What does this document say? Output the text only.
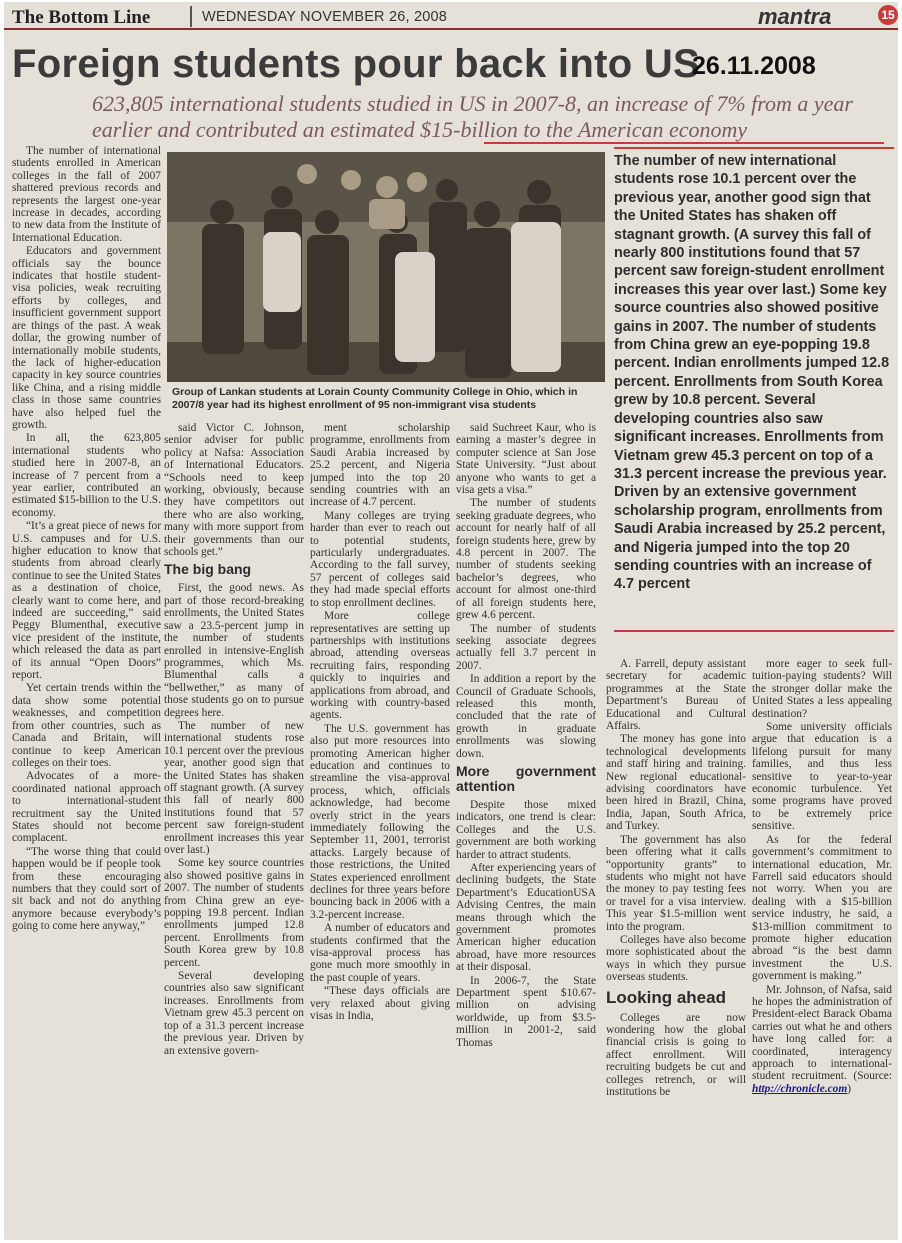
The Bottom Line	WEDNESDAY NOVEMBER 26, 2008	mantra	15
Foreign students pour back into US
26.11.2008
623,805 international students studied in US in 2007-8, an increase of 7% from a year earlier and contributed an estimated $15-billion to the American economy

The number of international students enrolled in American colleges in the fall of 2007 shattered previous records and represents the largest one-year increase in decades, according to new data from the Institute of International Education.

Educators and government officials say the bounce indicates that hostile student-visa policies, weak recruiting efforts by colleges, and insufficient government support are things of the past. A weak dollar, the growing number of internationally mobile students, the lack of higher-education capacity in key source countries like China, and a rising middle class in those same countries have also helped fuel the growth.

In all, the 623,805 international students who studied here in 2007-8, an increase of 7 percent from a year earlier, contributed an estimated $15-billion to the U.S. economy.

“It’s a great piece of news for U.S. campuses and for U.S. higher education to know that students from abroad clearly continue to see the United States as a destination of choice, clearly want to come here, and indeed are succeeding,” said Peggy Blumenthal, executive vice president of the institute, which released the data as part of its annual “Open Doors” report.

Yet certain trends within the data show some potential weaknesses, and competition from other countries, such as Canada and Britain, will continue to keep American colleges on their toes.

Advocates of a more-coordinated national approach to international-student recruitment say the United States should not become complacent.

“The worse thing that could happen would be if people took from these encouraging numbers that they could sort of sit back and not do anything anymore because everybody’s going to come here anyway,”

Group of Lankan students at Lorain County Community College in Ohio, which in 2007/8 year had its highest enrollment of 95 non-immigrant visa students
The number of new international students rose 10.1 percent over the previous year, another good sign that the United States has shaken off stagnant growth. (A survey this fall of nearly 800 institutions found that 57 percent saw foreign-student enrollment increases this year over last.) Some key source countries also showed positive gains in 2007. The number of students from China grew an eye-popping 19.8 percent. Indian enrollments jumped 12.8 percent. Enrollments from South Korea grew by 10.8 percent. Several developing countries also saw significant increases. Enrollments from Vietnam grew 45.3 percent on top of a 31.3 percent increase the previous year. Driven by an extensive government scholarship program, enrollments from Saudi Arabia increased by 25.2 percent, and Nigeria jumped into the top 20 sending countries with an increase of 4.7 percent

said Victor C. Johnson, senior adviser for public policy at Nafsa: Association of International Educators. “Schools need to keep working, obviously, because they have competitors out there who are also working, many with more support from their governments than our schools get.”

The big bang

First, the good news. As part of those record-breaking enrollments, the United States saw a 23.5-percent jump in the number of students enrolled in intensive-English programmes, which Ms. Blumenthal calls a “bellwether,” as many of those students go on to pursue degrees here.

The number of new international students rose 10.1 percent over the previous year, another good sign that the United States has shaken off stagnant growth. (A survey this fall of nearly 800 institutions found that 57 percent saw foreign-student enrollment increases this year over last.)

Some key source countries also showed positive gains in 2007. The number of students from China grew an eye-popping 19.8 percent. Indian enrollments jumped 12.8 percent. Enrollments from South Korea grew by 10.8 percent.

Several developing countries also saw significant increases. Enrollments from Vietnam grew 45.3 percent on top of a 31.3 percent increase the previous year. Driven by an extensive govern-

ment scholarship programme, enrollments from Saudi Arabia increased by 25.2 percent, and Nigeria jumped into the top 20 sending countries with an increase of 4.7 percent.

Many colleges are trying harder than ever to reach out to potential students, particularly undergraduates. According to the fall survey, 57 percent of colleges said they had made special efforts to stop enrollment declines.

More college representatives are setting up partnerships with institutions abroad, attending overseas recruiting fairs, responding quickly to inquiries and applications from abroad, and working with country-based agents.

The U.S. government has also put more resources into promoting American higher education and continues to streamline the visa-approval process, which, officials acknowledge, had become overly strict in the years immediately following the September 11, 2001, terrorist attacks. Largely because of those restrictions, the United States experienced enrollment declines for three years before bouncing back in 2006 with a 3.2-percent increase.

A number of educators and students confirmed that the visa-approval process has gone much more smoothly in the past couple of years.

“These days officials are very relaxed about giving visas in India,

said Suchreet Kaur, who is earning a master’s degree in computer science at San Jose State University. “Just about anyone who wants to get a visa gets a visa.”

The number of students seeking graduate degrees, who account for nearly half of all foreign students here, grew by 4.8 percent in 2007. The number of students seeking bachelor’s degrees, who account for almost one-third of all foreign students here, grew 4.6 percent.

The number of students seeking associate degrees actually fell 3.7 percent in 2007.

In addition a report by the Council of Graduate Schools, released this month, concluded that the rate of growth in graduate enrollments was slowing down.

More government attention

Despite those mixed indicators, one trend is clear: Colleges and the U.S. government are both working harder to attract students.

After experiencing years of declining budgets, the State Department’s EducationUSA Advising Centres, the main means through which the government promotes American higher education abroad, have more resources at their disposal.

In 2006-7, the State Department spent $10.67-million on advising worldwide, up from $3.5-million in 2001-2, said Thomas

A. Farrell, deputy assistant secretary for academic programmes at the State Department’s Bureau of Educational and Cultural Affairs.

The money has gone into technological developments and staff hiring and training. New regional educational-advising coordinators have been hired in Brazil, China, India, Japan, South Africa, and Turkey.

The government has also been offering what it calls “opportunity grants” to students who might not have the money to pay testing fees or travel for a visa interview. This year $1.5-million went into the program.

Colleges have also become more sophisticated about the ways in which they pursue overseas students.

Looking ahead

Colleges are now wondering how the global financial crisis is going to affect enrollment. Will recruiting budgets be cut and colleges retrench, or will institutions be

more eager to seek full-tuition-paying students? Will the stronger dollar make the United States a less appealing destination?

Some university officials argue that education is a lifelong pursuit for many families, and thus less sensitive to year-to-year economic turbulence. Yet some programs have proved to be extremely price sensitive.

As for the federal government’s commitment to international education, Mr. Farrell said educators should not worry. When you are dealing with a $15-billion service industry, he said, a $13-million commitment to promote higher education abroad “is the best damn investment the U.S. government is making.”

Mr. Johnson, of Nafsa, said he hopes the administration of President-elect Barack Obama carries out what he and others have long called for: a coordinated, interagency approach to international-student recruitment. (Source: http://chronicle.com)
